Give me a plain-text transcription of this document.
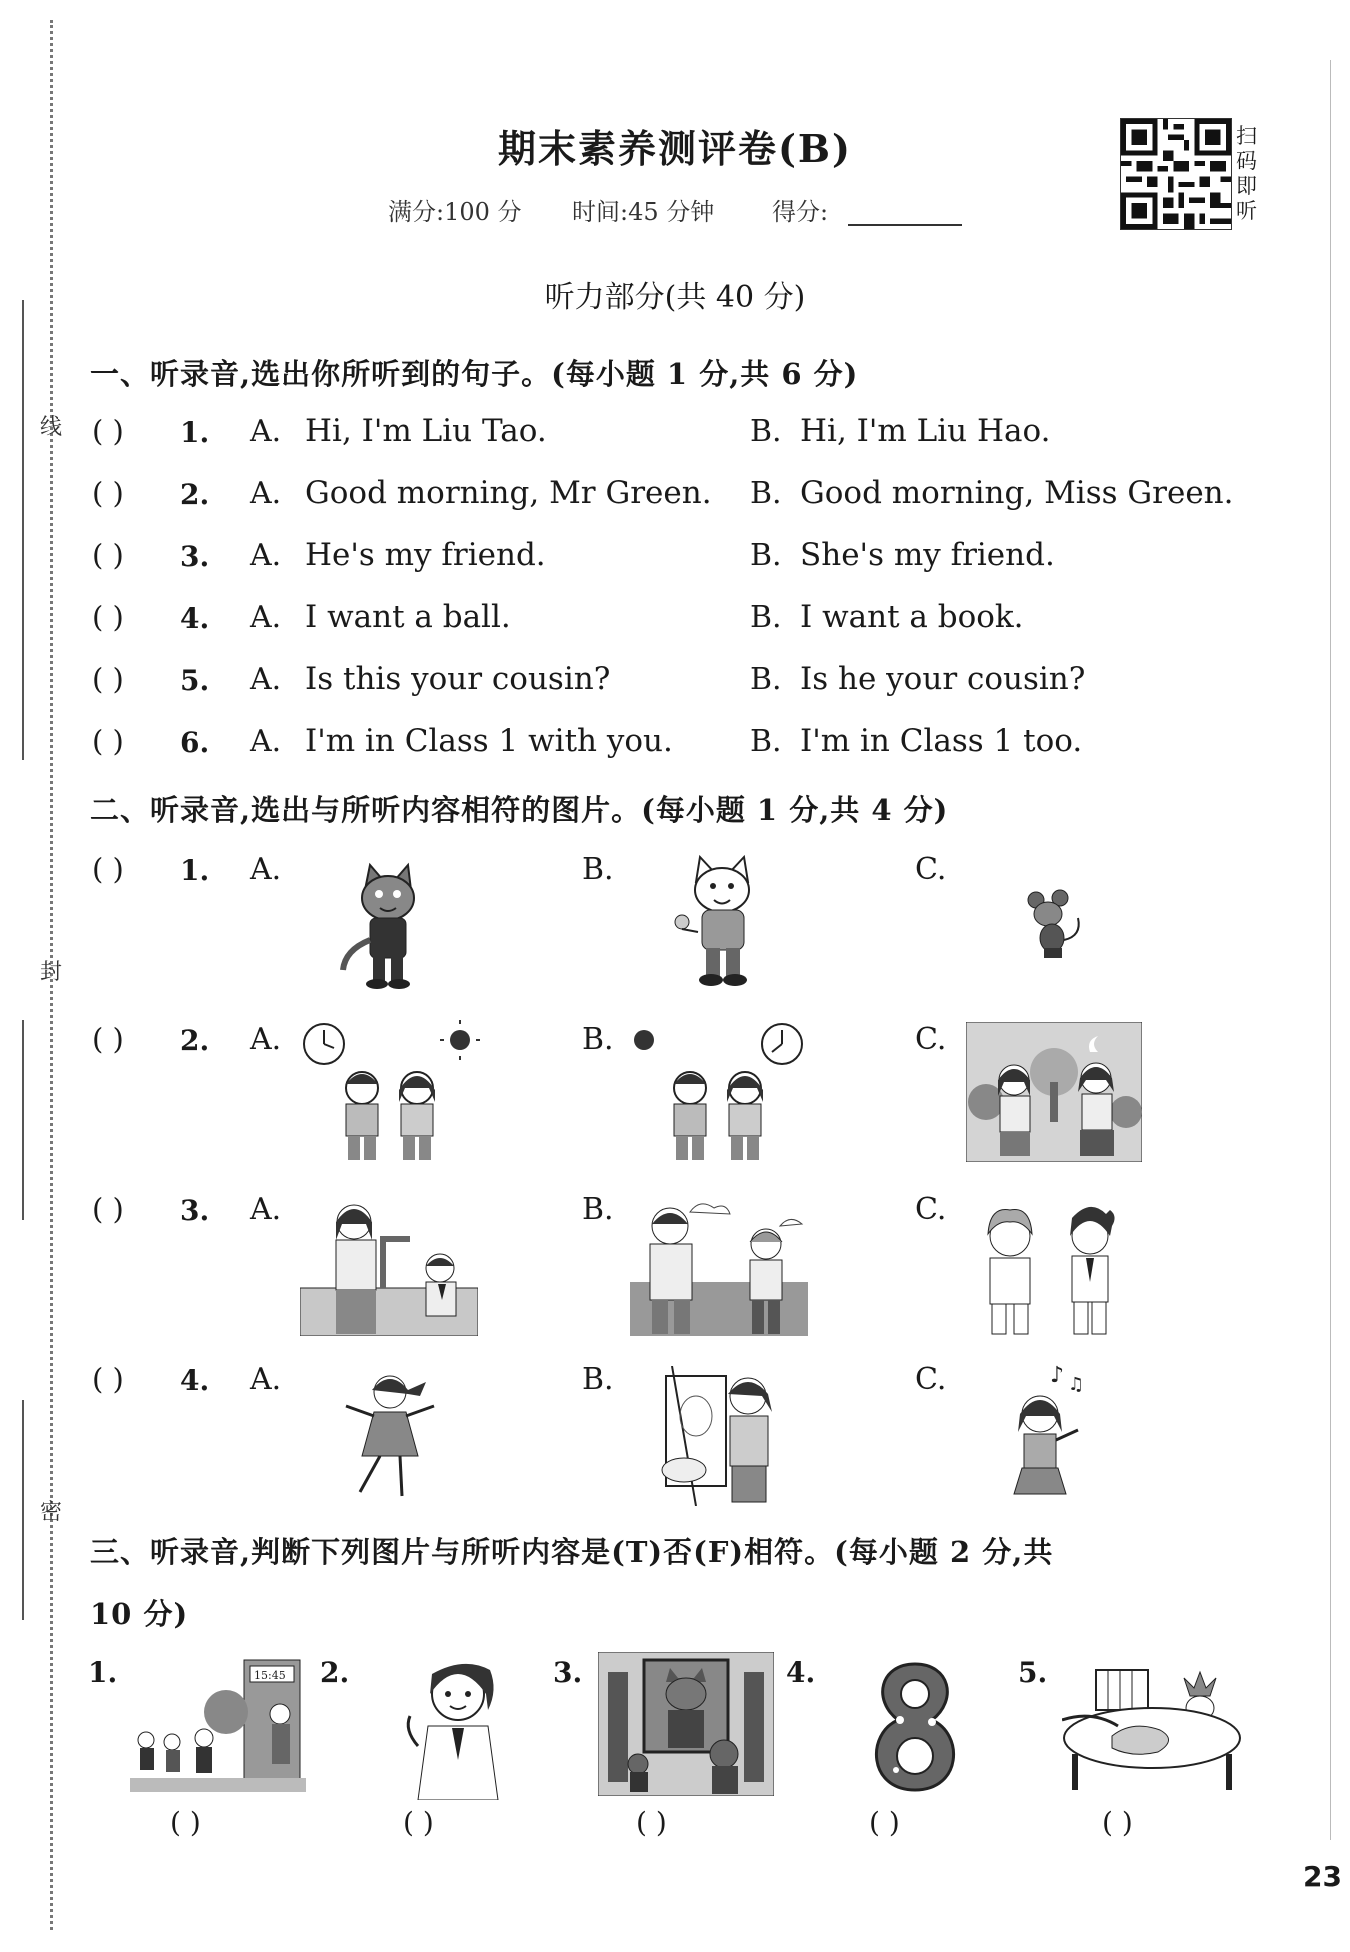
线
封
密
期末素养测评卷(B)
满分:100 分 时间:45 分钟 得分:
扫码即听
听力部分(共 40 分)
一、听录音,选出你所听到的句子。(每小题 1 分,共 6 分)
( ) 1. A. Hi, I'm Liu Tao.	B. Hi, I'm Liu Hao.
( ) 2. A. Good morning, Mr Green. B. Good morning, Miss Green.
( ) 3. A. He's my friend.	B. She's my friend.
( ) 4. A. I want a ball.	B. I want a book.
( ) 5. A. Is this your cousin?	B. Is he your cousin?
( ) 6. A. I'm in Class 1 with you.	B. I'm in Class 1 too.
二、听录音,选出与所听内容相符的图片。(每小题 1 分,共 4 分)
( ) 1. A.	B.	C.
( ) 2. A.	B.	C.
( ) 3. A.	B.	C.
( ) 4. A.	B.	C.	♪ ♫
三、听录音,判断下列图片与所听内容是(T)否(F)相符。(每小题 2 分,共
10 分)
1.	15:45
( )
2.
( )
3.
( )
4.
( )
5.
( )
23
